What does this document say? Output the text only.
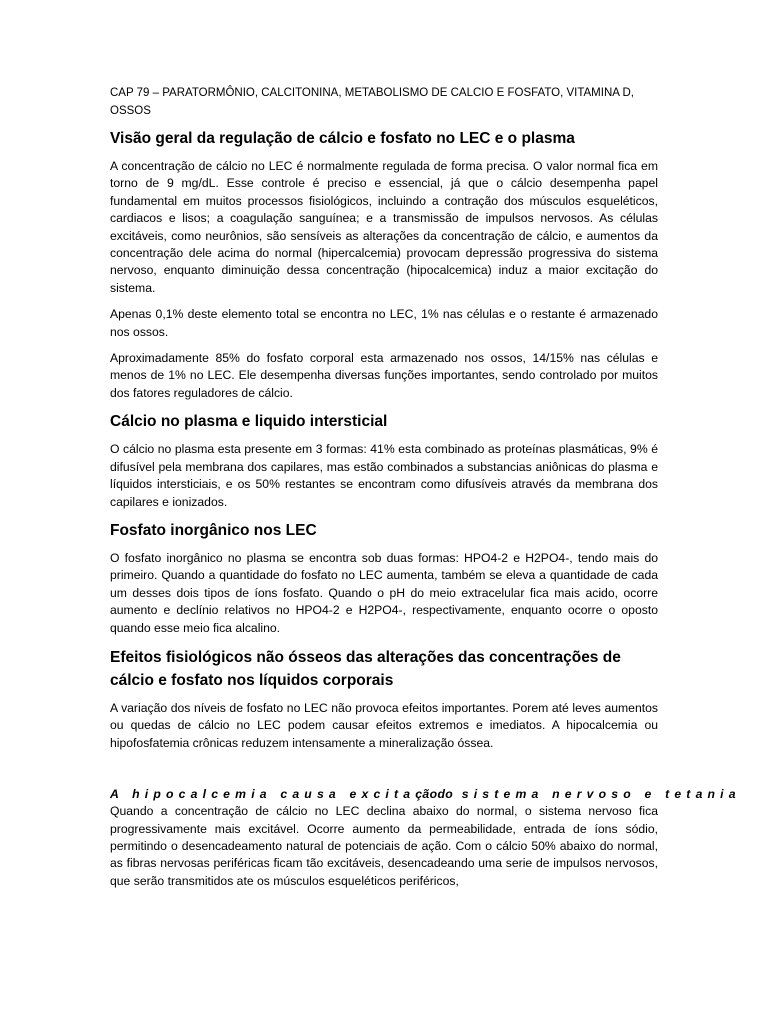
CAP 79 – PARATORMÔNIO, CALCITONINA, METABOLISMO DE CALCIO E FOSFATO, VITAMINA D, OSSOS
Visão geral da regulação de cálcio e fosfato no LEC e o plasma

A concentração de cálcio no LEC é normalmente regulada de forma precisa. O valor normal fica em torno de 9 mg/dL. Esse controle é preciso e essencial, já que o cálcio desempenha papel fundamental em muitos processos fisiológicos, incluindo a contração dos músculos esqueléticos, cardiacos e lisos; a coagulação sanguínea; e a transmissão de impulsos nervosos. As células excitáveis, como neurônios, são sensíveis as alterações da concentração de cálcio, e aumentos da concentração dele acima do normal (hipercalcemia) provocam depressão progressiva do sistema nervoso, enquanto diminuição dessa concentração (hipocalcemica) induz a maior excitação do sistema.

Apenas 0,1% deste elemento total se encontra no LEC, 1% nas células e o restante é armazenado nos ossos.

Aproximadamente 85% do fosfato corporal esta armazenado nos ossos, 14/15% nas células e menos de 1% no LEC. Ele desempenha diversas funções importantes, sendo controlado por muitos dos fatores reguladores de cálcio.

Cálcio no plasma e liquido intersticial

O cálcio no plasma esta presente em 3 formas: 41% esta combinado as proteínas plasmáticas, 9% é difusível pela membrana dos capilares, mas estão combinados a substancias aniônicas do plasma e líquidos intersticiais, e os 50% restantes se encontram como difusíveis através da membrana dos capilares e ionizados.

Fosfato inorgânico nos LEC

O fosfato inorgânico no plasma se encontra sob duas formas: HPO4-2 e H2PO4-, tendo mais do primeiro. Quando a quantidade do fosfato no LEC aumenta, também se eleva a quantidade de cada um desses dois tipos de íons fosfato. Quando o pH do meio extracelular fica mais acido, ocorre aumento e declínio relativos no HPO4-2 e H2PO4-, respectivamente, enquanto ocorre o oposto quando esse meio fica alcalino.

Efeitos fisiológicos não ósseos das alterações das concentrações de cálcio e fosfato nos líquidos corporais

A variação dos níveis de fosfato no LEC não provoca efeitos importantes. Porem até leves aumentos ou quedas de cálcio no LEC podem causar efeitos extremos e imediatos. A hipocalcemia ou hipofosfatemia crônicas reduzem intensamente a mineralização óssea.

A hipocalcemia causa excitaçãodo sistema nervoso e tetania

Quando a concentração de cálcio no LEC declina abaixo do normal, o sistema nervoso fica progressivamente mais excitável. Ocorre aumento da permeabilidade, entrada de íons sódio, permitindo o desencadeamento natural de potenciais de ação. Com o cálcio 50% abaixo do normal, as fibras nervosas periféricas ficam tão excitáveis, desencadeando uma serie de impulsos nervosos, que serão transmitidos ate os músculos esqueléticos periféricos,
